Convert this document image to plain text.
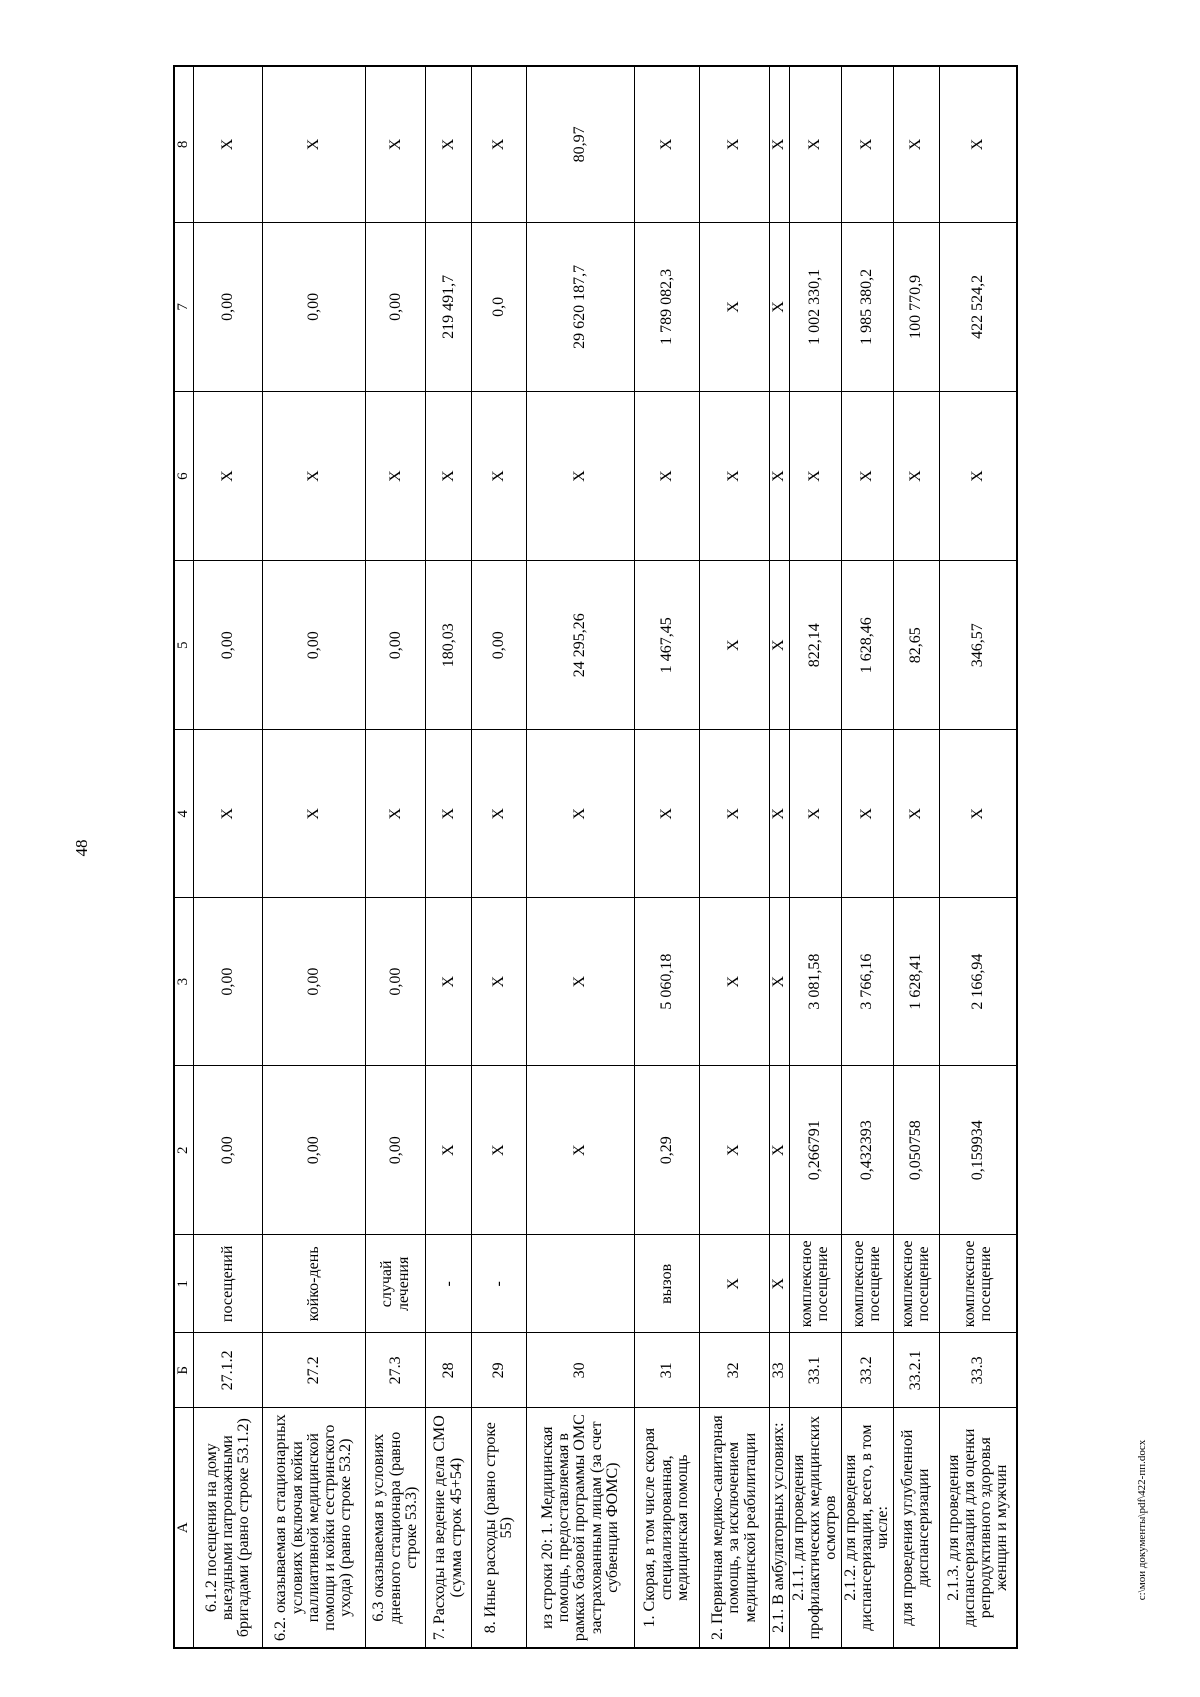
48
А	Б	1	2	3	4	5	6	7	8
6.1.2 посещения на дому выездными патронажными бригадами (равно строке 53.1.2)	27.1.2	посещений	0,00	0,00	Х	0,00	Х	0,00	Х
6.2. оказываемая в стационарных условиях (включая койки паллиативной медицинской помощи и койки сестринского ухода) (равно строке 53.2)	27.2	койко-день	0,00	0,00	Х	0,00	Х	0,00	Х
6.3 оказываемая в условиях дневного стационара (равно строке 53.3)	27.3	случай лечения	0,00	0,00	Х	0,00	Х	0,00	Х
7. Расходы на ведение дела СМО (сумма строк 45+54)	28	-	Х	Х	Х	180,03	Х	219 491,7	Х
8. Иные расходы (равно строке 55)	29	-	Х	Х	Х	0,00	Х	0,0	Х
из строки 20: 1. Медицинская помощь, предоставляемая в рамках базовой программы ОМС застрахованным лицам (за счет субвенции ФОМС)	30		Х	Х	Х	24 295,26	Х	29 620 187,7	80,97
1. Скорая, в том числе скорая специализированная, медицинская помощь	31	вызов	0,29	5 060,18	Х	1 467,45	Х	1 789 082,3	Х
2. Первичная медико-санитарная помощь, за исключением медицинской реабилитации	32	Х	Х	Х	Х	Х	Х	Х	Х
2.1. В амбулаторных условиях:	33	Х	Х	Х	Х	Х	Х	Х	Х
2.1.1. для проведения профилактических медицинских осмотров	33.1	комплексное посещение	0,266791	3 081,58	Х	822,14	Х	1 002 330,1	Х
2.1.2. для проведения диспансеризации, всего, в том числе:	33.2	комплексное посещение	0,432393	3 766,16	Х	1 628,46	Х	1 985 380,2	Х
для проведения углубленной диспансеризации	33.2.1	комплексное посещение	0,050758	1 628,41	Х	82,65	Х	100 770,9	Х
2.1.3. для проведения диспансеризации для оценки репродуктивного здоровья женщин и мужчин	33.3	комплексное посещение	0,159934	2 166,94	Х	346,57	Х	422 524,2	Х
c:\мои документы\pdf\422-пп.docx
